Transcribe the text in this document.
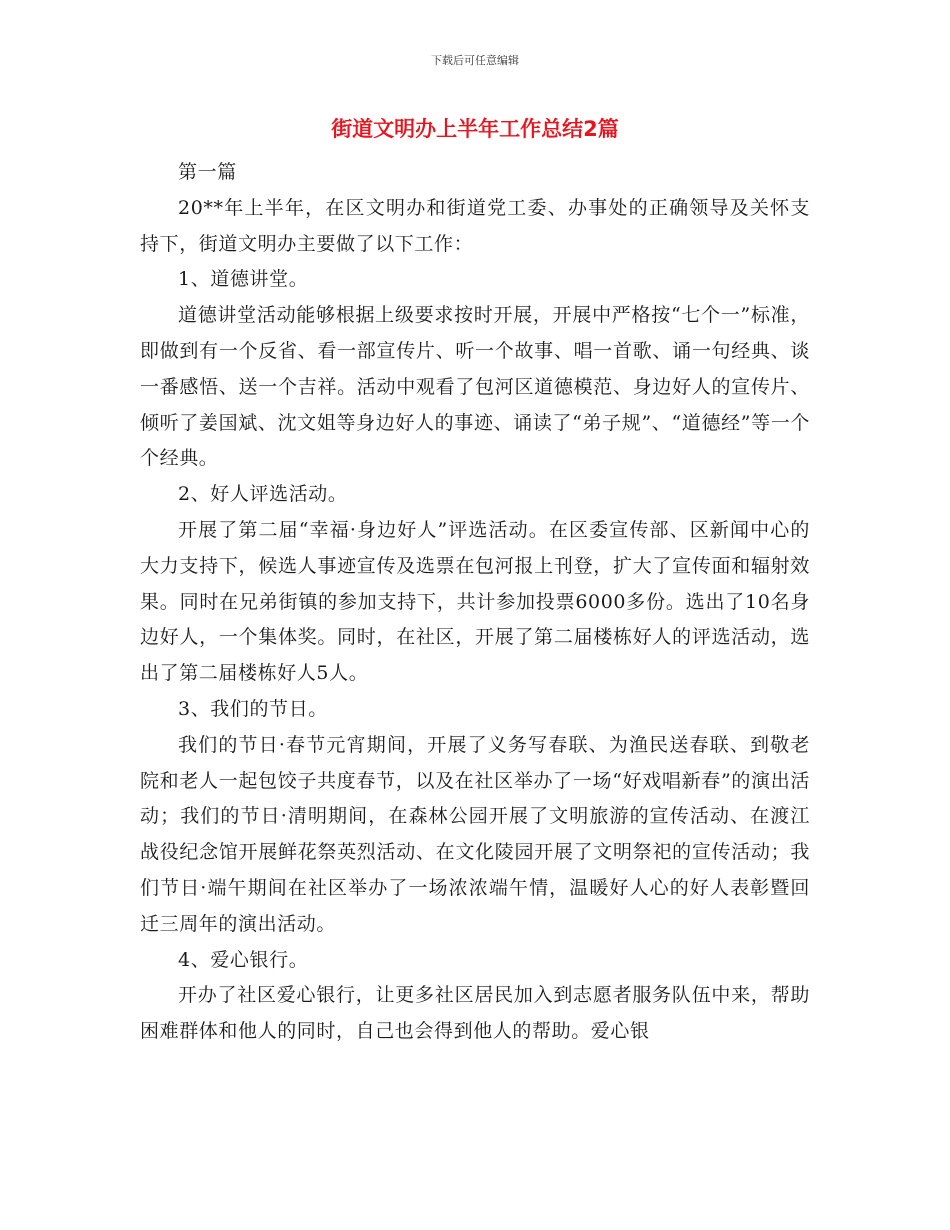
下载后可任意编辑
街道文明办上半年工作总结2篇

第一篇

20**年上半年，在区文明办和街道党工委、办事处的正确领导及关怀支持下，街道文明办主要做了以下工作：

1、道德讲堂。

道德讲堂活动能够根据上级要求按时开展，开展中严格按“七个一”标准，即做到有一个反省、看一部宣传片、听一个故事、唱一首歌、诵一句经典、谈一番感悟、送一个吉祥。活动中观看了包河区道德模范、身边好人的宣传片、倾听了姜国斌、沈文姐等身边好人的事迹、诵读了“弟子规”、“道德经”等一个个经典。

2、好人评选活动。

开展了第二届“幸福·身边好人”评选活动。在区委宣传部、区新闻中心的大力支持下，候选人事迹宣传及选票在包河报上刊登，扩大了宣传面和辐射效果。同时在兄弟街镇的参加支持下，共计参加投票6000多份。选出了10名身边好人，一个集体奖。同时，在社区，开展了第二届楼栋好人的评选活动，选出了第二届楼栋好人5人。

3、我们的节日。

我们的节日·春节元宵期间，开展了义务写春联、为渔民送春联、到敬老院和老人一起包饺子共度春节，以及在社区举办了一场“好戏唱新春”的演出活动；我们的节日·清明期间，在森林公园开展了文明旅游的宣传活动、在渡江战役纪念馆开展鲜花祭英烈活动、在文化陵园开展了文明祭祀的宣传活动；我们节日·端午期间在社区举办了一场浓浓端午情，温暖好人心的好人表彰暨回迁三周年的演出活动。

4、爱心银行。

开办了社区爱心银行，让更多社区居民加入到志愿者服务队伍中来，帮助困难群体和他人的同时，自己也会得到他人的帮助。爱心银
